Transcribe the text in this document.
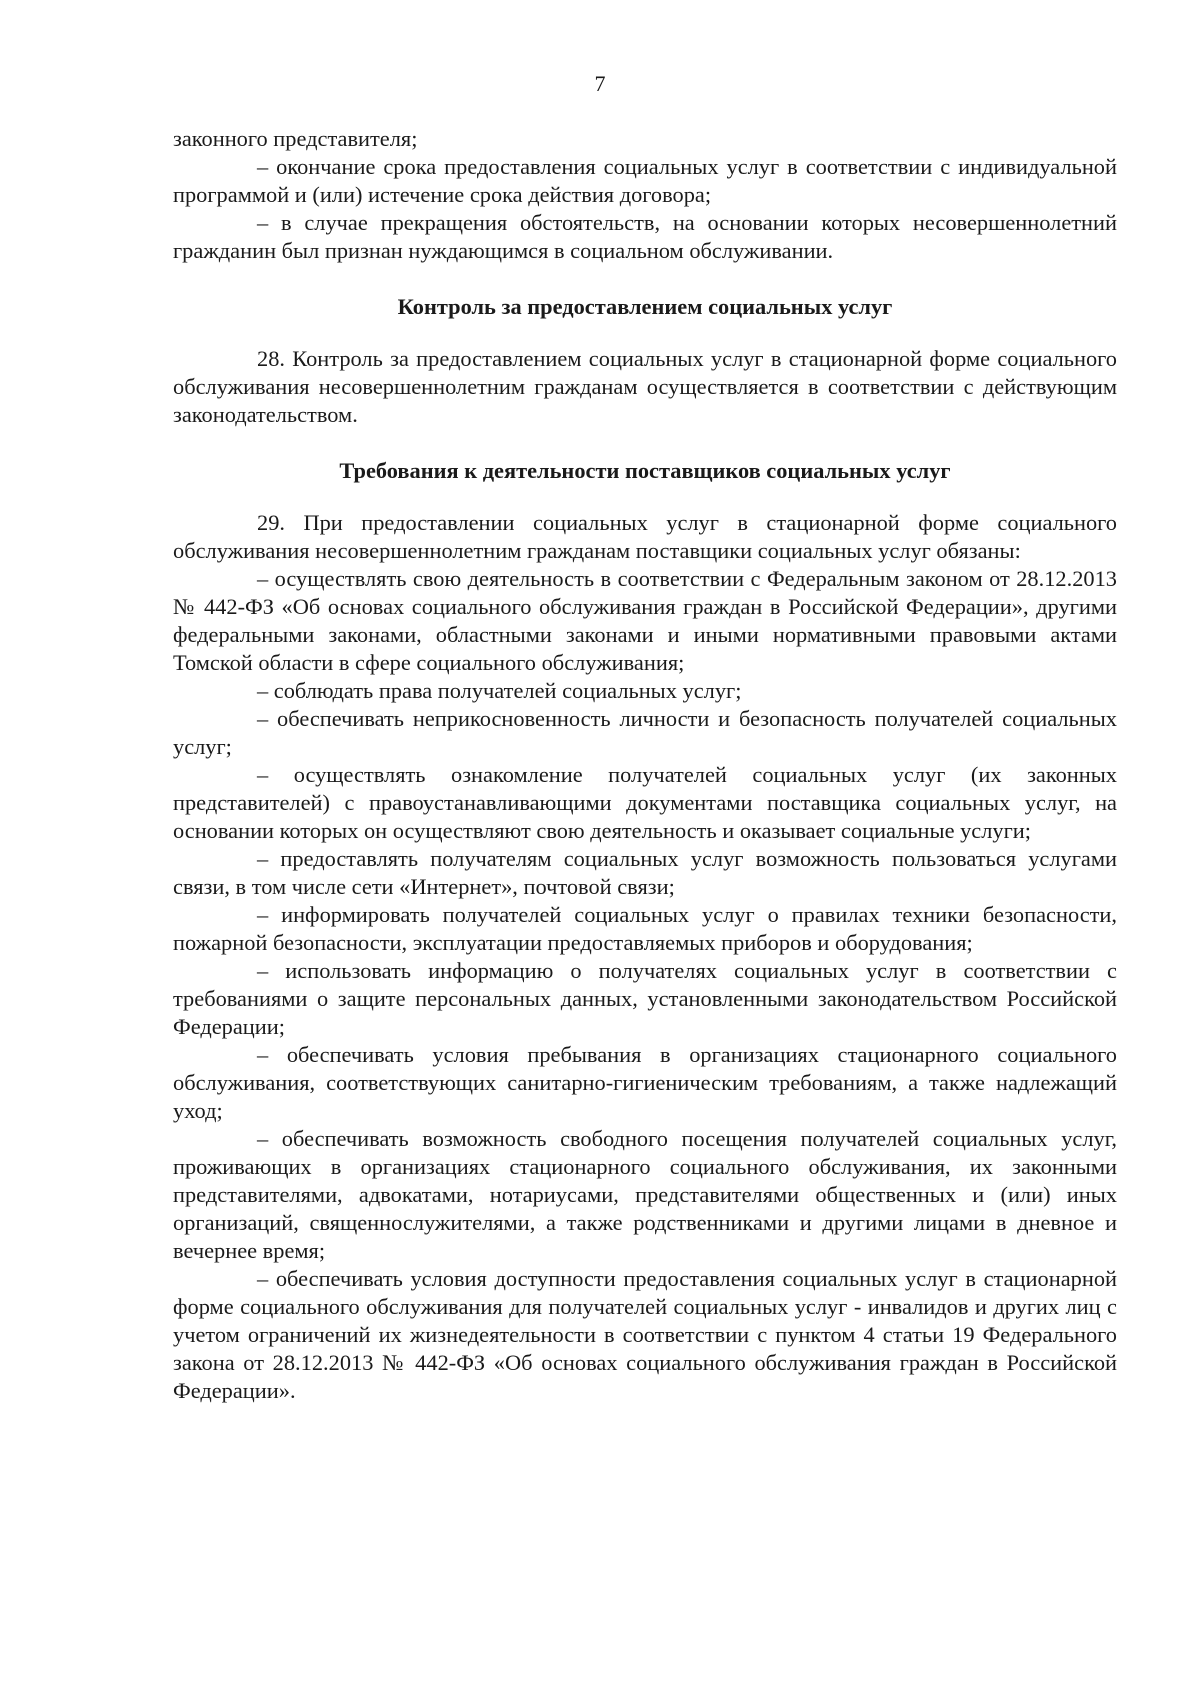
7

законного представителя;

– окончание срока предоставления социальных услуг в соответствии с индивидуальной программой и (или) истечение срока действия договора;

– в случае прекращения обстоятельств, на основании которых несовершеннолетний гражданин был признан нуждающимся в социальном обслуживании.

Контроль за предоставлением социальных услуг

28. Контроль за предоставлением социальных услуг в стационарной форме социального обслуживания несовершеннолетним гражданам осуществляется в соответствии с действующим законодательством.

Требования к деятельности поставщиков социальных услуг

29. При предоставлении социальных услуг в стационарной форме социального обслуживания несовершеннолетним гражданам поставщики социальных услуг обязаны:

– осуществлять свою деятельность в соответствии с Федеральным законом от 28.12.2013 № 442-ФЗ «Об основах социального обслуживания граждан в Российской Федерации», другими федеральными законами, областными законами и иными нормативными правовыми актами Томской области в сфере социального обслуживания;

– соблюдать права получателей социальных услуг;

– обеспечивать неприкосновенность личности и безопасность получателей социальных услуг;

– осуществлять ознакомление получателей социальных услуг (их законных представителей) с правоустанавливающими документами поставщика социальных услуг, на основании которых он осуществляют свою деятельность и оказывает социальные услуги;

– предоставлять получателям социальных услуг возможность пользоваться услугами связи, в том числе сети «Интернет», почтовой связи;

– информировать получателей социальных услуг о правилах техники безопасности, пожарной безопасности, эксплуатации предоставляемых приборов и оборудования;

– использовать информацию о получателях социальных услуг в соответствии с требованиями о защите персональных данных, установленными законодательством Российской Федерации;

– обеспечивать условия пребывания в организациях стационарного социального обслуживания, соответствующих санитарно-гигиеническим требованиям, а также надлежащий уход;

– обеспечивать возможность свободного посещения получателей социальных услуг, проживающих в организациях стационарного социального обслуживания, их законными представителями, адвокатами, нотариусами, представителями общественных и (или) иных организаций, священнослужителями, а также родственниками и другими лицами в дневное и вечернее время;

– обеспечивать условия доступности предоставления социальных услуг в стационарной форме социального обслуживания для получателей социальных услуг - инвалидов и других лиц с учетом ограничений их жизнедеятельности в соответствии с пунктом 4 статьи 19 Федерального закона от 28.12.2013 № 442-ФЗ «Об основах социального обслуживания граждан в Российской Федерации».
